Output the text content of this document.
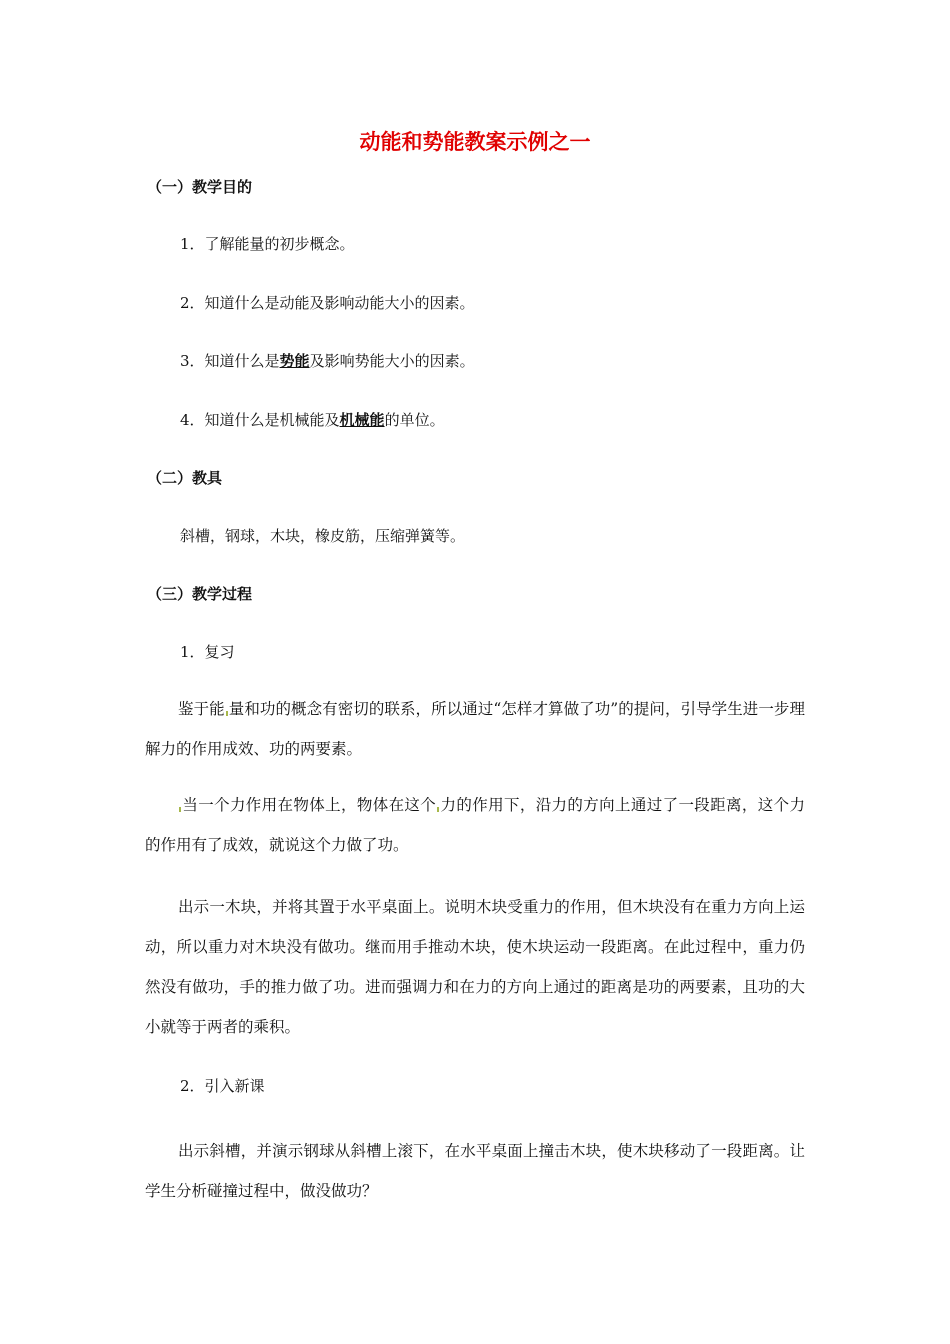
动能和势能教案示例之一
（一）教学目的
1．了解能量的初步概念。
2．知道什么是动能及影响动能大小的因素。
3．知道什么是势能及影响势能大小的因素。
4．知道什么是机械能及机械能的单位。
（二）教具
斜槽，钢球，木块，橡皮筋，压缩弹簧等。
（三）教学过程
1．复习
鉴于能 量和功的概念有密切的联系，所以通过“怎样才算做了功”的提问，引导学生进一步理解力的作用成效、功的两要素。
当一个力作用在物体上，物体在这个 力的作用下，沿力的方向上通过了一段距离，这个力的作用有了成效，就说这个力做了功。
出示一木块，并将其置于水平桌面上。说明木块受重力的作用，但木块没有在重力方向上运动，所以重力对木块没有做功。继而用手推动木块，使木块运动一段距离。在此过程中，重力仍然没有做功，手的推力做了功。进而强调力和在力的方向上通过的距离是功的两要素，且功的大小就等于两者的乘积。
2．引入新课
出示斜槽，并演示钢球从斜槽上滚下，在水平桌面上撞击木块，使木块移动了一段距离。让学生分析碰撞过程中，做没做功？
